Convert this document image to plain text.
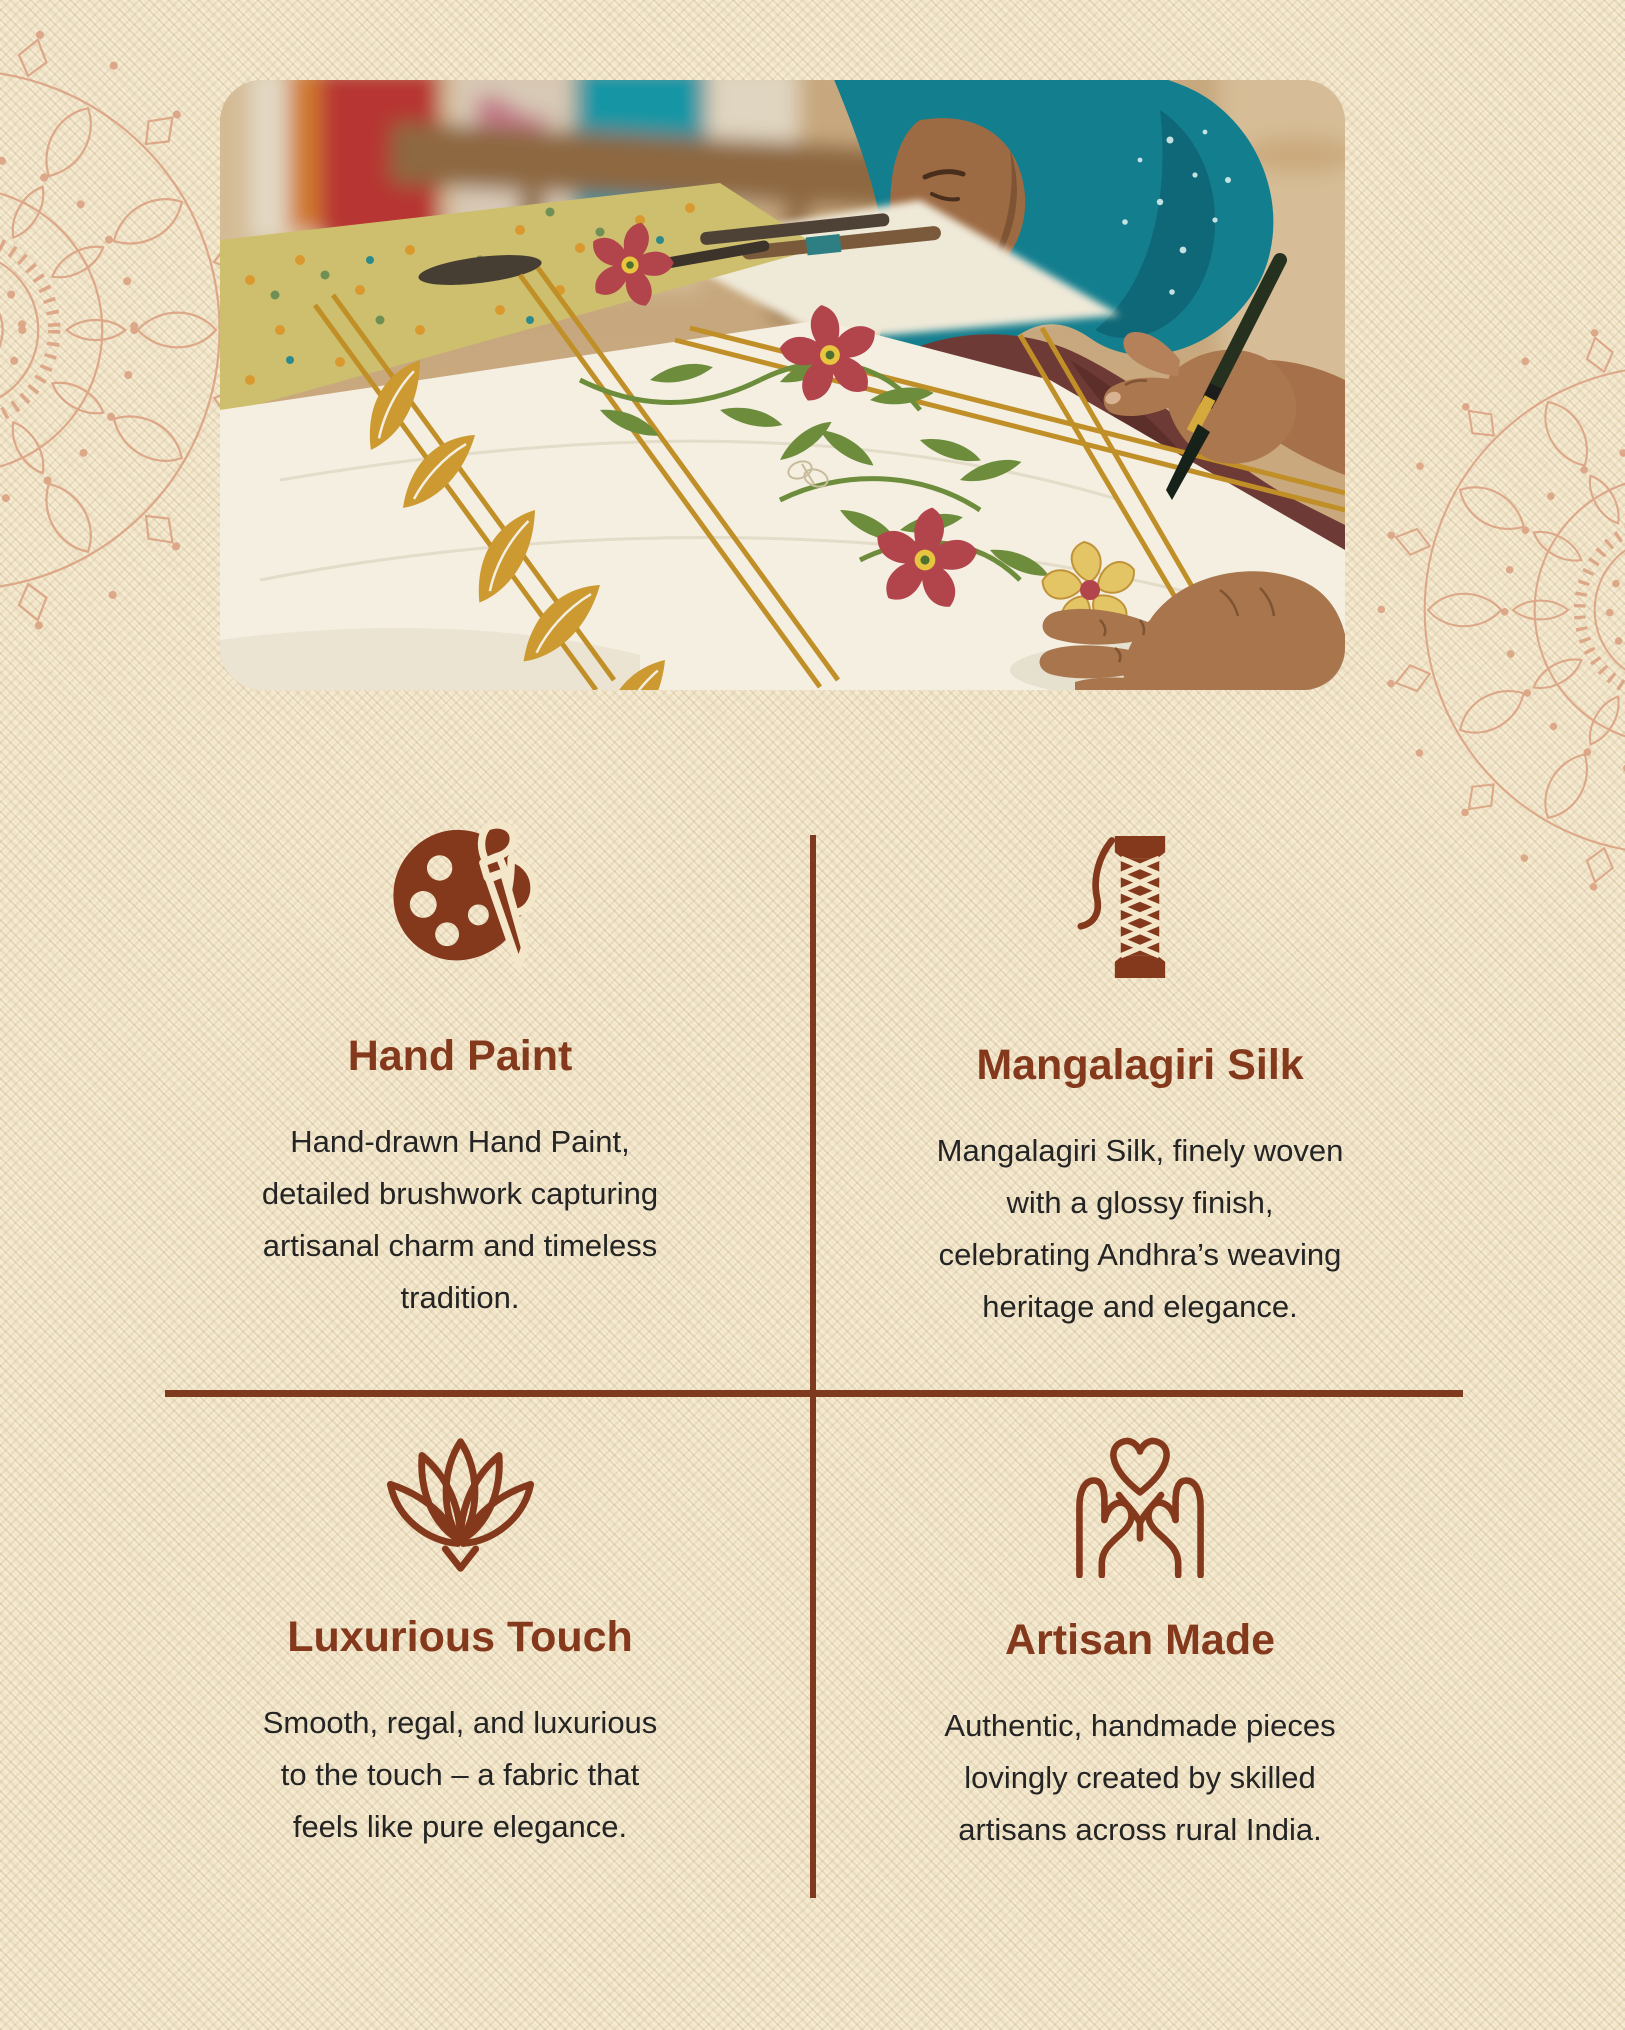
Hand Paint
Hand-drawn Hand Paint,
detailed brushwork capturing
artisanal charm and timeless
tradition.
Mangalagiri Silk
Mangalagiri Silk, finely woven
with a glossy finish,
celebrating Andhra’s weaving
heritage and elegance.
Luxurious Touch
Smooth, regal, and luxurious
to the touch – a fabric that
feels like pure elegance.
Artisan Made
Authentic, handmade pieces
lovingly created by skilled
artisans across rural India.
